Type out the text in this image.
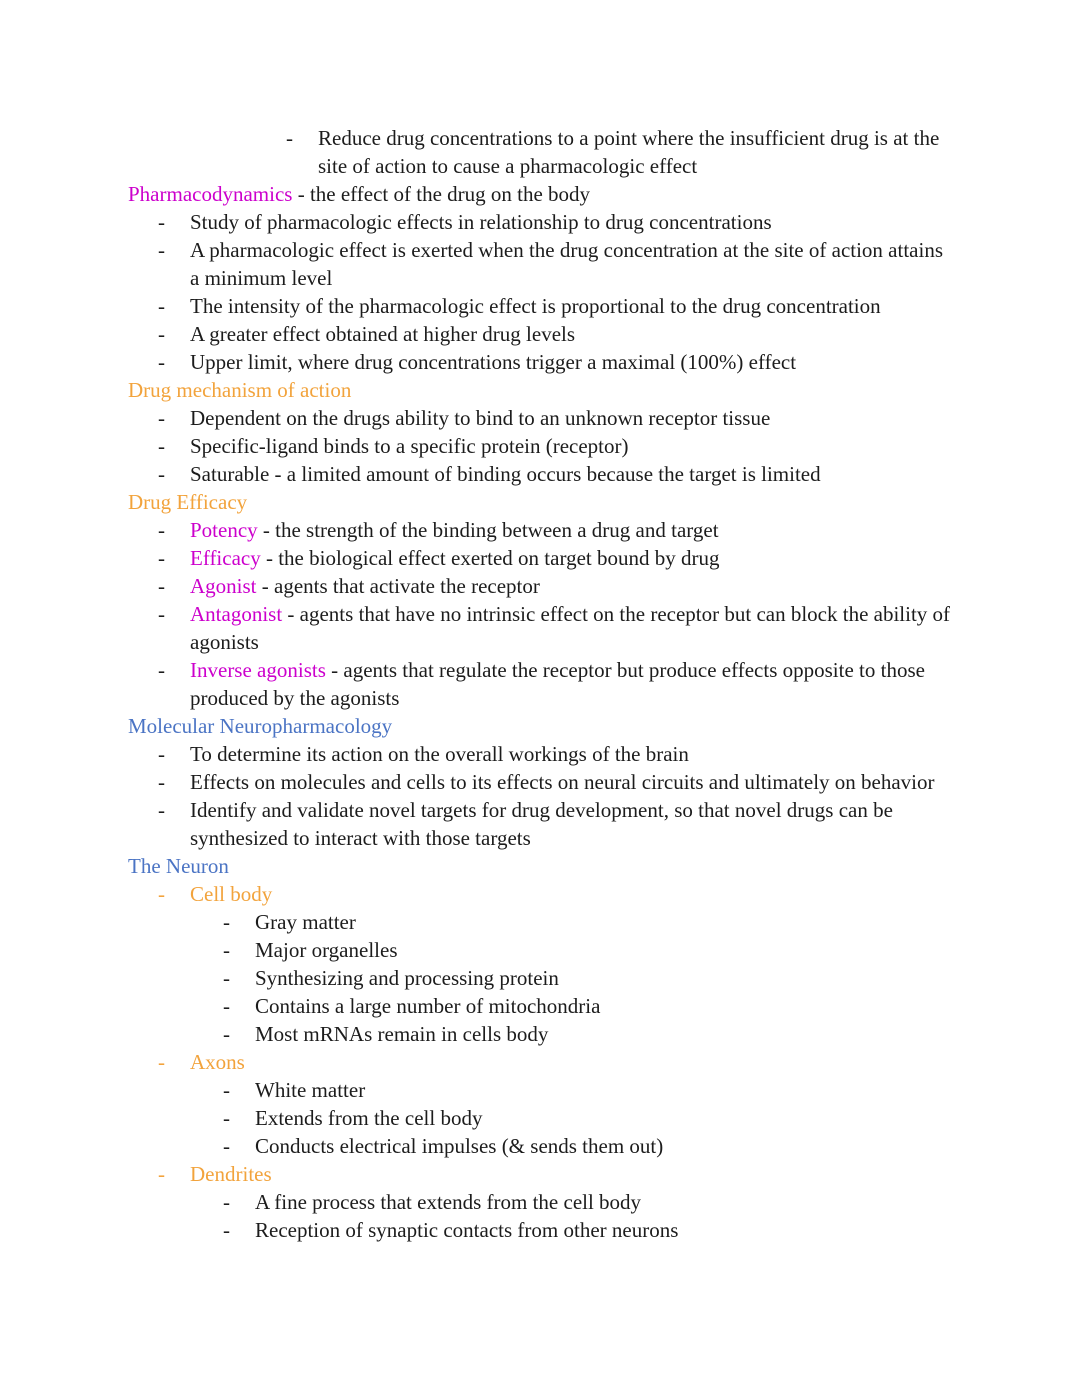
- Reduce drug concentrations to a point where the insufficient drug is at the site of action to cause a pharmacologic effect
Pharmacodynamics - the effect of the drug on the body
- Study of pharmacologic effects in relationship to drug concentrations
- A pharmacologic effect is exerted when the drug concentration at the site of action attains a minimum level
- The intensity of the pharmacologic effect is proportional to the drug concentration
- A greater effect obtained at higher drug levels
- Upper limit, where drug concentrations trigger a maximal (100%) effect
Drug mechanism of action
- Dependent on the drugs ability to bind to an unknown receptor tissue
- Specific-ligand binds to a specific protein (receptor)
- Saturable - a limited amount of binding occurs because the target is limited
Drug Efficacy
- Potency - the strength of the binding between a drug and target
- Efficacy - the biological effect exerted on target bound by drug
- Agonist - agents that activate the receptor
- Antagonist - agents that have no intrinsic effect on the receptor but can block the ability of agonists
- Inverse agonists - agents that regulate the receptor but produce effects opposite to those produced by the agonists
Molecular Neuropharmacology
- To determine its action on the overall workings of the brain
- Effects on molecules and cells to its effects on neural circuits and ultimately on behavior
- Identify and validate novel targets for drug development, so that novel drugs can be synthesized to interact with those targets
The Neuron
- Cell body
- Gray matter
- Major organelles
- Synthesizing and processing protein
- Contains a large number of mitochondria
- Most mRNAs remain in cells body
- Axons
- White matter
- Extends from the cell body
- Conducts electrical impulses (& sends them out)
- Dendrites
- A fine process that extends from the cell body
- Reception of synaptic contacts from other neurons
